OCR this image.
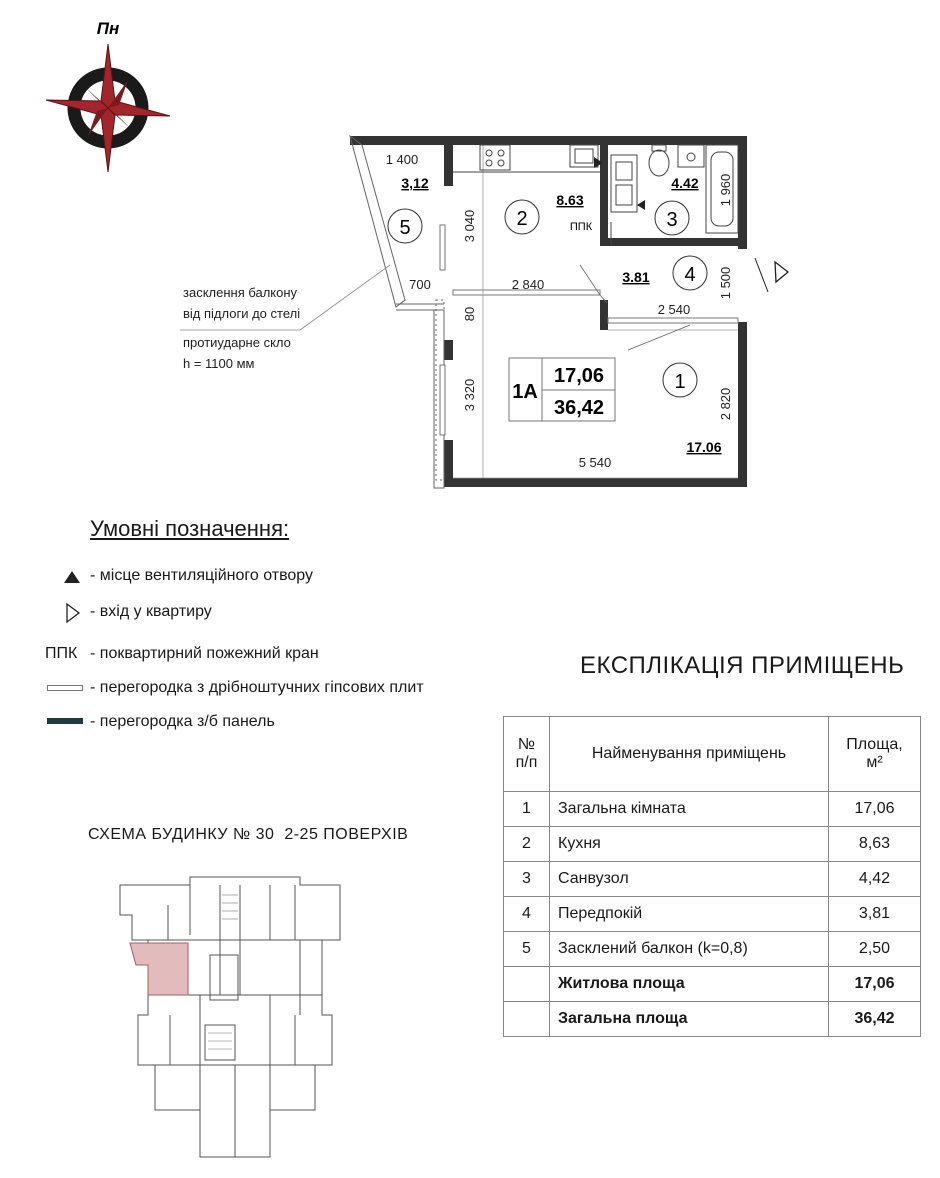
Пн
5	2	3
4
1
3,12
8.63
4.42
3.81
17.06
ППК
1 400
700	2 840
2 540
5 540
3 040
80
3 320
1 960
1 500
2 820
1A
17,06
36,42
засклення балкону
від підлоги до стелі
протиударне скло
h = 1100 мм
Умовні позначення:
- місце вентиляційного отвору
- вхід у квартиру
ППК - поквартирний пожежний кран
- перегородка з дрібноштучних гіпсових плит
- перегородка з/б панель
ЕКСПЛІКАЦІЯ ПРИМІЩЕНЬ
№
п/п	Найменування приміщень	Площа,
м²
1	Загальна кімната	17,06
2	Кухня	8,63
3	Санвузол	4,42
4	Передпокій	3,81
5	Засклений балкон (k=0,8)	2,50
	Житлова площа	17,06
	Загальна площа	36,42
СХЕМА БУДИНКУ № 30  2-25 ПОВЕРХІВ
